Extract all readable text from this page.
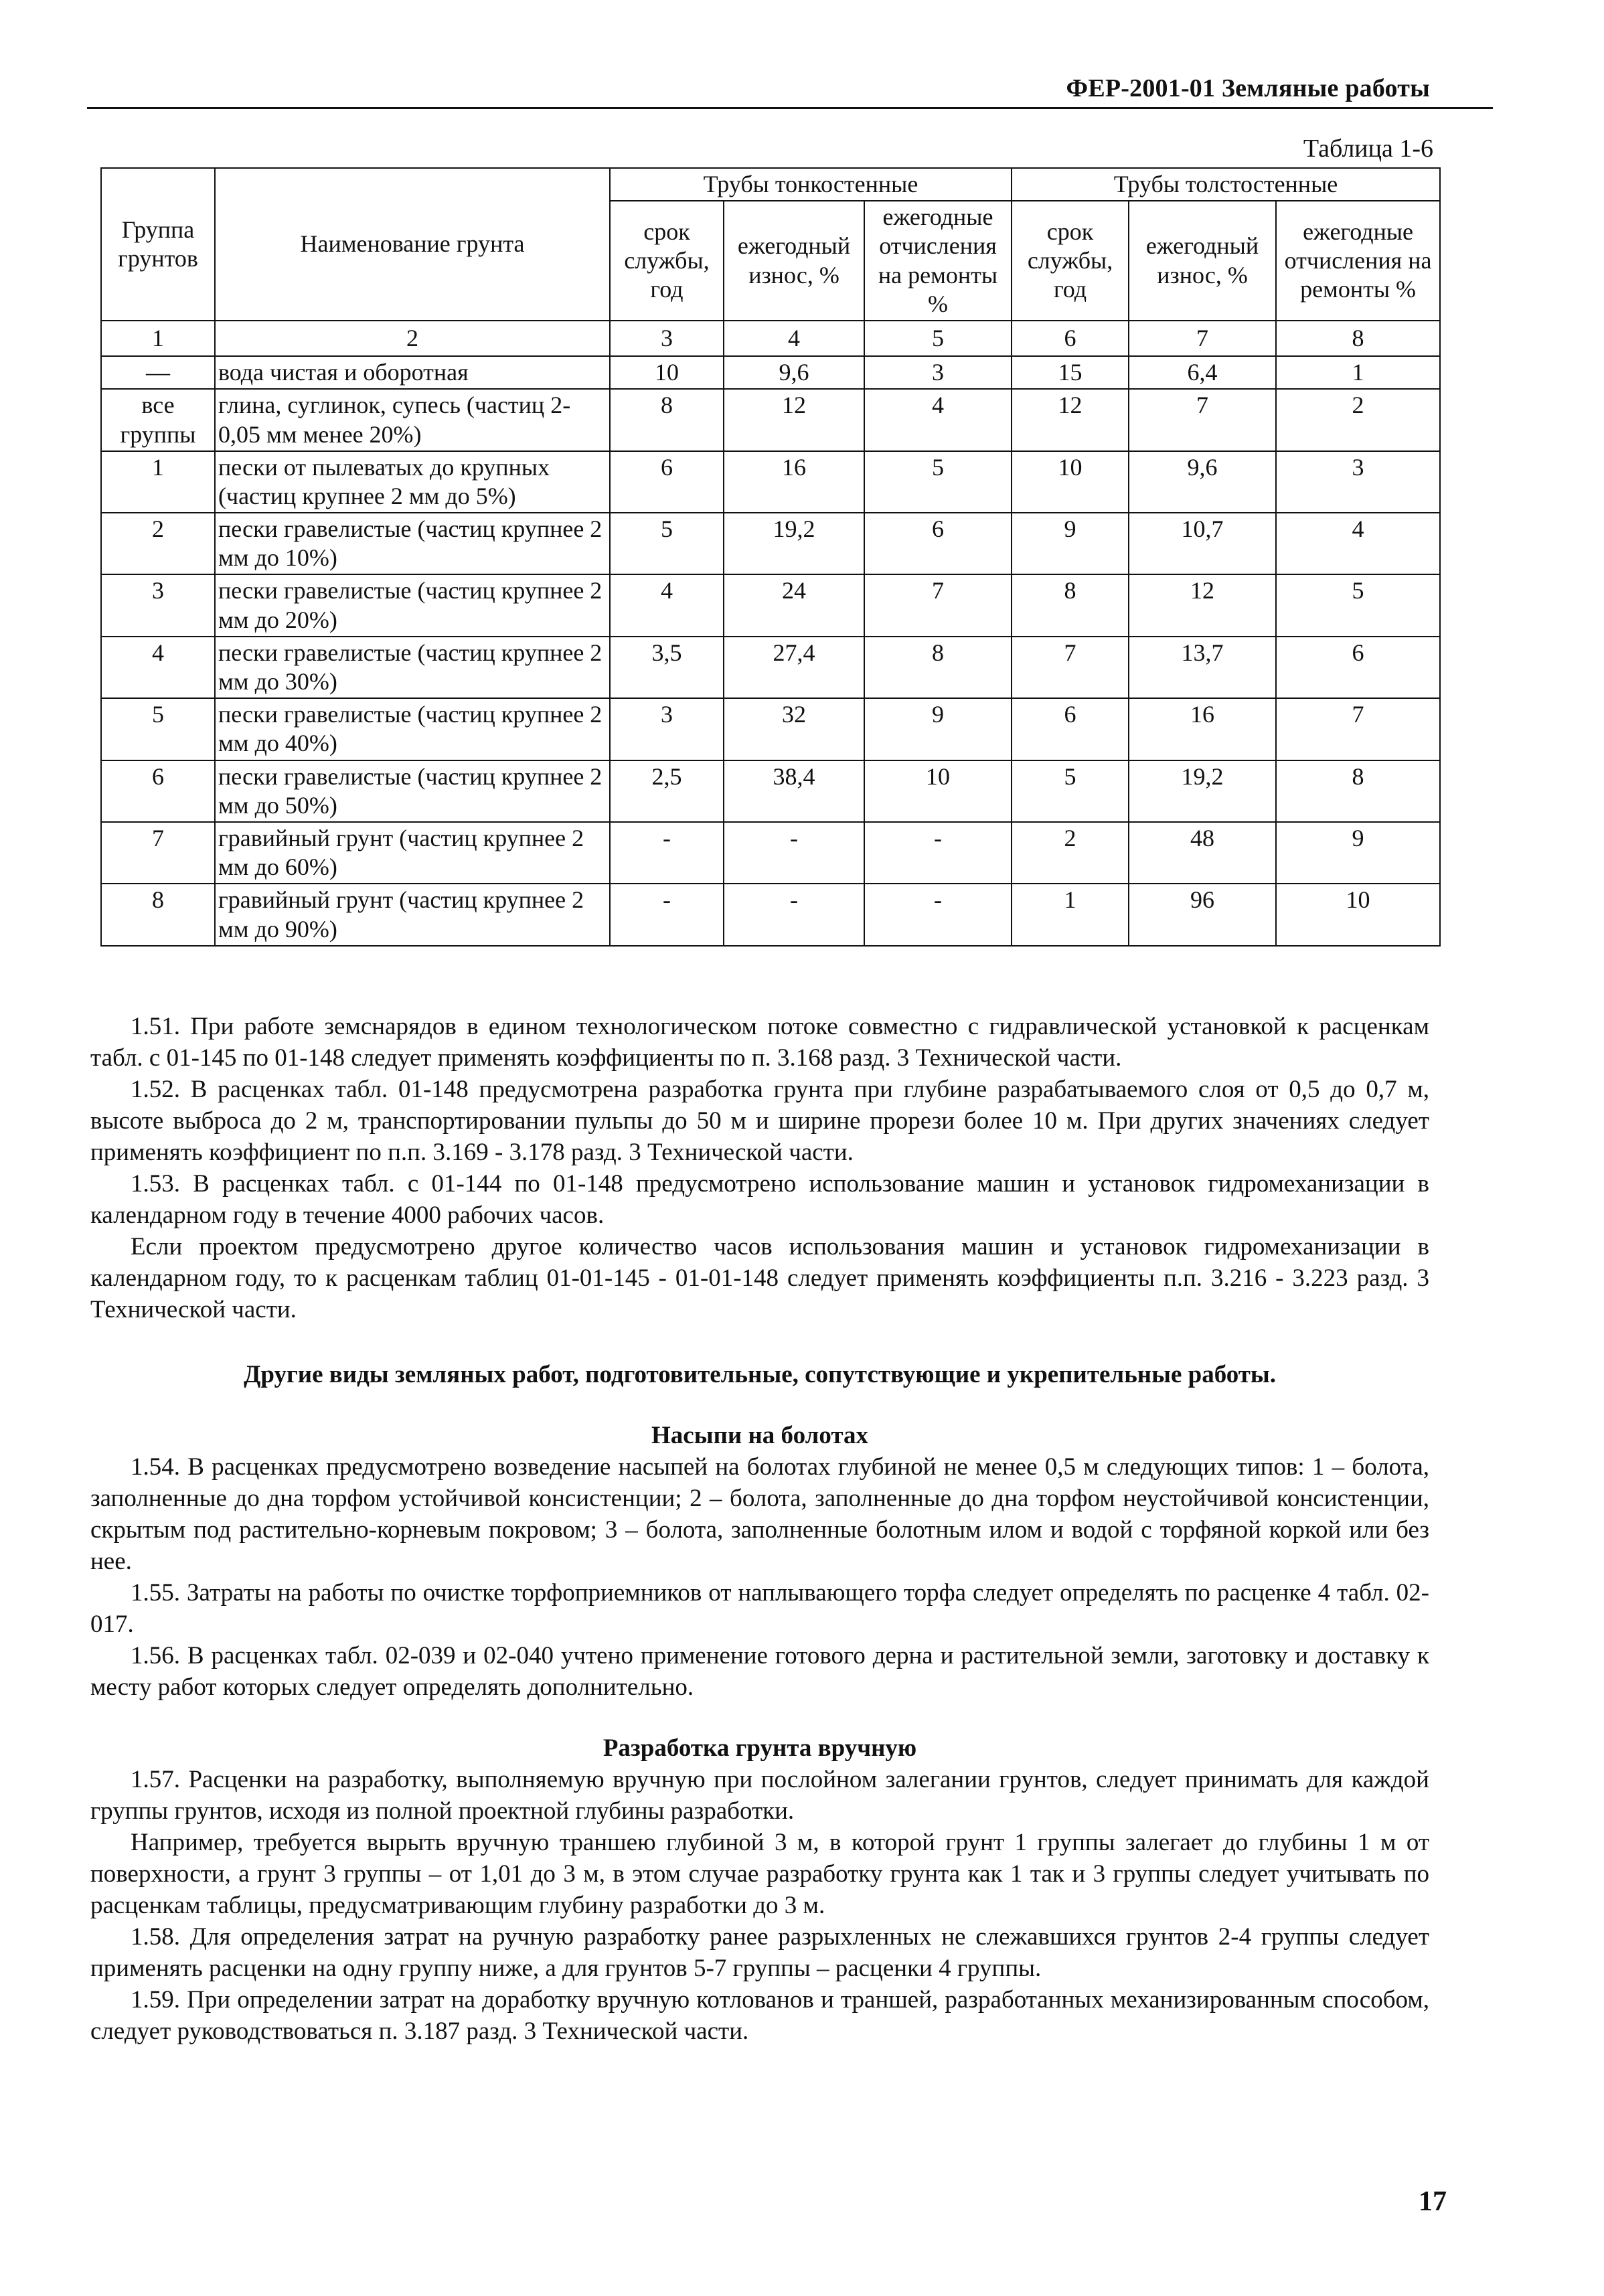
ФЕР-2001-01 Земляные работы
Таблица 1-6
Группа грунтов	Наименование грунта	Трубы тонкостенные			Трубы толстостенные		
		срок службы, год	ежегодный износ, %	ежегодные отчисления на ремонты %	срок службы, год	ежегодный износ, %	ежегодные отчисления на ремонты %
1	2	3	4	5	6	7	8
—	вода чистая и оборотная	10	9,6	3	15	6,4	1
все группы	глина, суглинок, супесь (частиц 2-0,05 мм менее 20%)	8	12	4	12	7	2
1	пески от пылеватых до крупных (частиц крупнее 2 мм до 5%)	6	16	5	10	9,6	3
2	пески гравелистые (частиц крупнее 2 мм до 10%)	5	19,2	6	9	10,7	4
3	пески гравелистые (частиц крупнее 2 мм до 20%)	4	24	7	8	12	5
4	пески гравелистые (частиц крупнее 2 мм до 30%)	3,5	27,4	8	7	13,7	6
5	пески гравелистые (частиц крупнее 2 мм до 40%)	3	32	9	6	16	7
6	пески гравелистые (частиц крупнее 2 мм до 50%)	2,5	38,4	10	5	19,2	8
7	гравийный грунт (частиц крупнее 2 мм до 60%)	-	-	-	2	48	9
8	гравийный грунт (частиц крупнее 2 мм до 90%)	-	-	-	1	96	10

1.51. При работе земснарядов в едином технологическом потоке совместно с гидравлической установкой к расценкам табл. с 01-145 по 01-148 следует применять коэффициенты по п. 3.168 разд. 3 Технической части.

1.52. В расценках табл. 01-148 предусмотрена разработка грунта при глубине разрабатываемого слоя от 0,5 до 0,7 м, высоте выброса до 2 м, транспортировании пульпы до 50 м и ширине прорези более 10 м. При других значениях следует применять коэффициент по п.п. 3.169 - 3.178 разд. 3 Технической части.

1.53. В расценках табл. с 01-144 по 01-148 предусмотрено использование машин и установок гидромеханизации в календарном году в течение 4000 рабочих часов.

Если проектом предусмотрено другое количество часов использования машин и установок гидромеханизации в календарном году, то к расценкам таблиц 01-01-145 - 01-01-148 следует применять коэффициенты п.п. 3.216 - 3.223 разд. 3 Технической части.

Другие виды земляных работ, подготовительные, сопутствующие и укрепительные работы.
Насыпи на болотах

1.54. В расценках предусмотрено возведение насыпей на болотах глубиной не менее 0,5 м следующих типов: 1 – болота, заполненные до дна торфом устойчивой консистенции; 2 – болота, заполненные до дна торфом неустойчивой консистенции, скрытым под растительно-корневым покровом; 3 – болота, заполненные болотным илом и водой с торфяной коркой или без нее.

1.55. Затраты на работы по очистке торфоприемников от наплывающего торфа следует определять по расценке 4 табл. 02-017.

1.56. В расценках табл. 02-039 и 02-040 учтено применение готового дерна и растительной земли, заготовку и доставку к месту работ которых следует определять дополнительно.

Разработка грунта вручную

1.57. Расценки на разработку, выполняемую вручную при послойном залегании грунтов, следует принимать для каждой группы грунтов, исходя из полной проектной глубины разработки.

Например, требуется вырыть вручную траншею глубиной 3 м, в которой грунт 1 группы залегает до глубины 1 м от поверхности, а грунт 3 группы – от 1,01 до 3 м, в этом случае разработку грунта как 1 так и 3 группы следует учитывать по расценкам таблицы, предусматривающим глубину разработки до 3 м.

1.58. Для определения затрат на ручную разработку ранее разрыхленных не слежавшихся грунтов 2-4 группы следует применять расценки на одну группу ниже, а для грунтов 5-7 группы – расценки 4 группы.

1.59. При определении затрат на доработку вручную котлованов и траншей, разработанных механизированным способом, следует руководствоваться п. 3.187 разд. 3 Технической части.

17
